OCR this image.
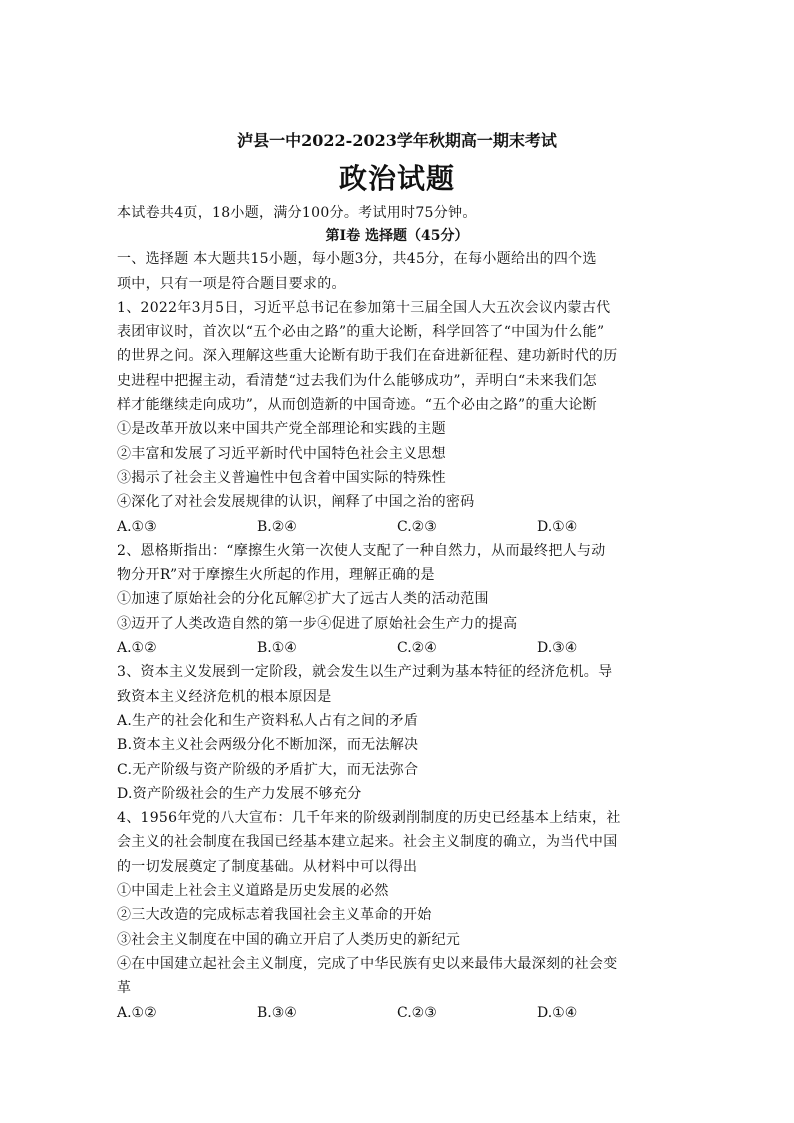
泸县一中2022-2023学年秋期高一期末考试
政治试题
本试卷共4页，18小题，满分100分。考试用时75分钟。
第Ⅰ卷 选择题（45分）
一、选择题 本大题共15小题，每小题3分，共45分，在每小题给出的四个选
项中，只有一项是符合题目要求的。
1、2022年3月5日，习近平总书记在参加第十三届全国人大五次会议内蒙古代
表团审议时，首次以“五个必由之路”的重大论断，科学回答了“中国为什么能”
的世界之问。深入理解这些重大论断有助于我们在奋进新征程、建功新时代的历
史进程中把握主动，看清楚“过去我们为什么能够成功”，弄明白“未来我们怎
样才能继续走向成功”，从而创造新的中国奇迹。“五个必由之路”的重大论断
①是改革开放以来中国共产党全部理论和实践的主题
②丰富和发展了习近平新时代中国特色社会主义思想
③揭示了社会主义普遍性中包含着中国实际的特殊性
④深化了对社会发展规律的认识，阐释了中国之治的密码
A.①③	B.②④	C.②③	D.①④
2、恩格斯指出：“摩擦生火第一次使人支配了一种自然力，从而最终把人与动
物分开R”对于摩擦生火所起的作用，理解正确的是
①加速了原始社会的分化瓦解②扩大了远古人类的活动范围
③迈开了人类改造自然的第一步④促进了原始社会生产力的提高
A.①②	B.①④	C.②④	D.③④
3、资本主义发展到一定阶段，就会发生以生产过剩为基本特征的经济危机。导
致资本主义经济危机的根本原因是
A.生产的社会化和生产资料私人占有之间的矛盾
B.资本主义社会两级分化不断加深，而无法解决
C.无产阶级与资产阶级的矛盾扩大，而无法弥合
D.资产阶级社会的生产力发展不够充分
4、1956年党的八大宣布：几千年来的阶级剥削制度的历史已经基本上结束，社
会主义的社会制度在我国已经基本建立起来。社会主义制度的确立，为当代中国
的一切发展奠定了制度基础。从材料中可以得出
①中国走上社会主义道路是历史发展的必然
②三大改造的完成标志着我国社会主义革命的开始
③社会主义制度在中国的确立开启了人类历史的新纪元
④在中国建立起社会主义制度，完成了中华民族有史以来最伟大最深刻的社会变
革
A.①②	B.③④	C.②③	D.①④
